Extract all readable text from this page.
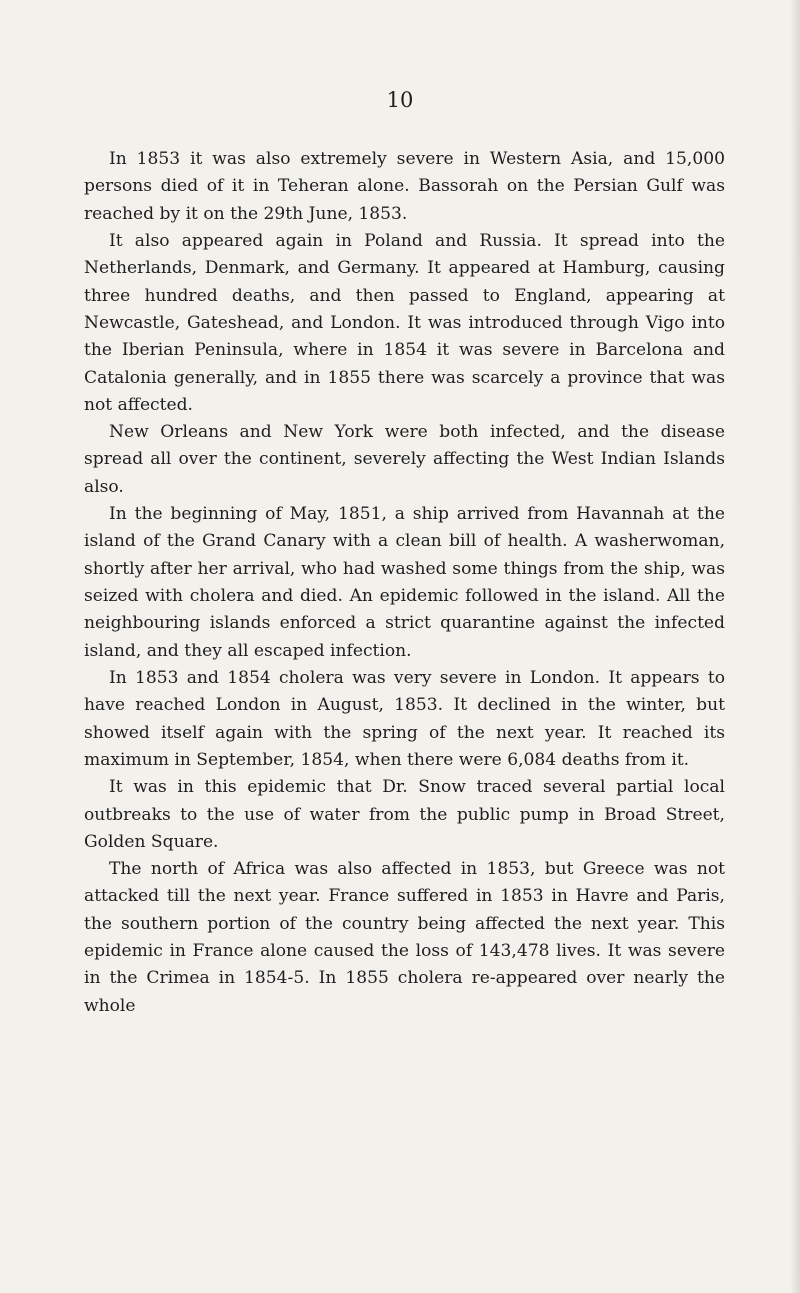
10

In 1853 it was also extremely severe in Western Asia, and 15,000 persons died of it in Teheran alone. Bassorah on the Persian Gulf was reached by it on the 29th June, 1853.

It also appeared again in Poland and Russia. It spread into the Netherlands, Denmark, and Germany. It appeared at Hamburg, causing three hundred deaths, and then passed to England, appearing at Newcastle, Gateshead, and London. It was introduced through Vigo into the Iberian Peninsula, where in 1854 it was severe in Barcelona and Catalonia generally, and in 1855 there was scarcely a province that was not affected.

New Orleans and New York were both infected, and the disease spread all over the continent, severely affecting the West Indian Islands also.

In the beginning of May, 1851, a ship arrived from Havannah at the island of the Grand Canary with a clean bill of health. A washerwoman, shortly after her arrival, who had washed some things from the ship, was seized with cholera and died. An epidemic followed in the island. All the neighbouring islands enforced a strict quarantine against the infected island, and they all escaped infection.

In 1853 and 1854 cholera was very severe in London. It appears to have reached London in August, 1853. It declined in the winter, but showed itself again with the spring of the next year. It reached its maximum in September, 1854, when there were 6,084 deaths from it.

It was in this epidemic that Dr. Snow traced several partial local outbreaks to the use of water from the public pump in Broad Street, Golden Square.

The north of Africa was also affected in 1853, but Greece was not attacked till the next year. France suffered in 1853 in Havre and Paris, the southern portion of the country being affected the next year. This epidemic in France alone caused the loss of 143,478 lives. It was severe in the Crimea in 1854-5. In 1855 cholera re-appeared over nearly the whole
